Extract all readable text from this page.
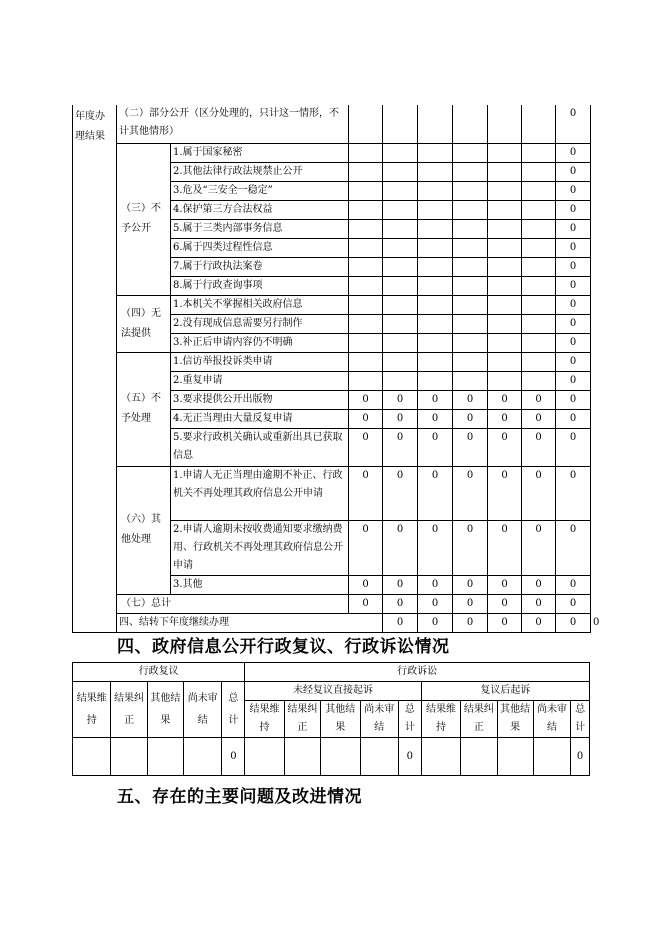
年度办理结果	（二）部分公开（区分处理的，只计这一情形，不计其他情形）								0	
	（三）不予公开	1.属于国家秘密							0	
		2.其他法律行政法规禁止公开							0	
		3.危及“三安全一稳定”							0	
		4.保护第三方合法权益							0	
		5.属于三类内部事务信息							0	
		6.属于四类过程性信息							0	
		7.属于行政执法案卷							0	
		8.属于行政查询事项							0	
	（四）无法提供	1.本机关不掌握相关政府信息							0	
		2.没有现成信息需要另行制作							0	
		3.补正后申请内容仍不明确							0	
	（五）不予处理	1.信访举报投诉类申请							0	
		2.重复申请							0	
		3.要求提供公开出版物	0	0	0	0	0	0	0	
		4.无正当理由大量反复申请	0	0	0	0	0	0	0	
		5.要求行政机关确认或重新出具已获取信息	0	0	0	0	0	0	0	
	（六）其他处理	1.申请人无正当理由逾期不补正、行政机关不再处理其政府信息公开申请	0	0	0	0	0	0	0	
		2.申请人逾期未按收费通知要求缴纳费用、行政机关不再处理其政府信息公开申请	0	0	0	0	0	0	0	
		3.其他	0	0	0	0	0	0	0	
	（七）总计		0	0	0	0	0	0	0	
	四、结转下年度继续办理			0	0	0	0	0	0	0
四、政府信息公开行政复议、行政诉讼情况
行政复议					行政诉讼									
结果维持	结果纠正	其他结果	尚未审结	总计	未经复议直接起诉					复议后起诉				
					结果维持	结果纠正	其他结果	尚未审结	总计	结果维持	结果纠正	其他结果	尚未审结	总计
				0					0					0
五、存在的主要问题及改进情况
